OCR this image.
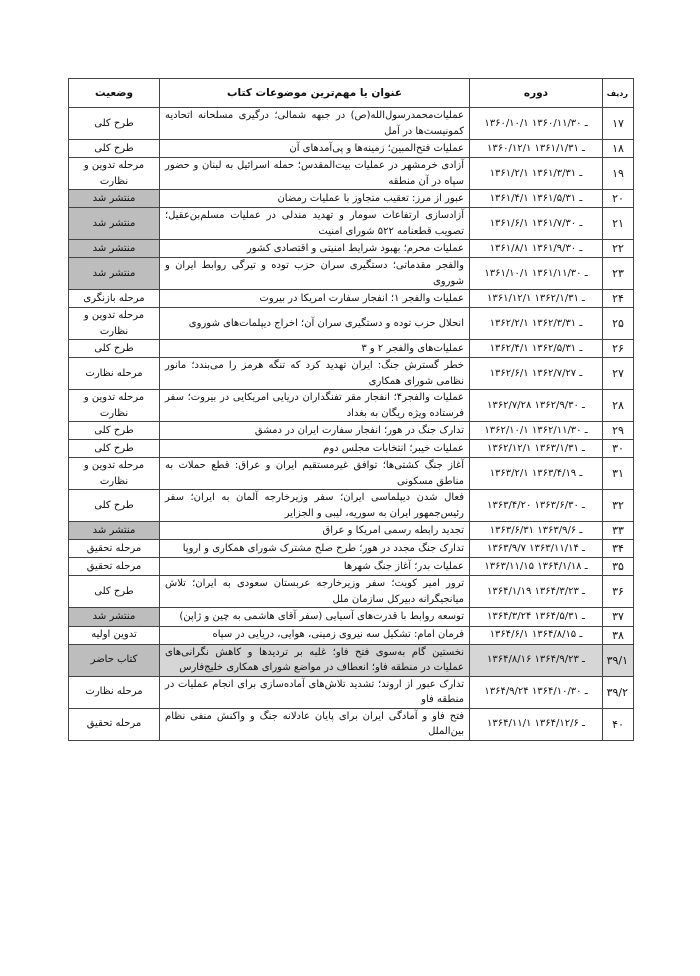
ردیف	دوره	عنوان یا مهم‌ترین موضوعات کتاب	وضعیت
۱۷	۱۳۶۰/۱۰/۱ ـ ۱۳۶۰/۱۱/۳۰	عملیات‌محمدرسول‌الله‌(ص) در جبهه شمالی؛ درگیری مسلحانه اتحادیه کمونیست‌ها در آمل	طرح کلی
۱۸	۱۳۶۰/۱۲/۱ ـ ۱۳۶۱/۱/۳۱	عملیات فتح‌المبین؛ زمینه‌ها و پی‌آمدهای آن	طرح کلی
۱۹	۱۳۶۱/۲/۱ ـ ۱۳۶۱/۳/۳۱	آزادی خرمشهر در عملیات بیت‌المقدس؛ حمله اسرائیل به لبنان و حضور سپاه در آن منطقه	مرحله تدوین و نظارت
۲۰	۱۳۶۱/۴/۱ ـ ۱۳۶۱/۵/۳۱	عبور از مرز: تعقیب متجاوز با عملیات رمضان	منتشر شد
۲۱	۱۳۶۱/۶/۱ ـ ۱۳۶۱/۷/۳۰	آزادسازی ارتفاعات سومار و تهدید مندلی در عملیات مسلم‌بن‌عقیل؛ تصویب قطعنامه ۵۲۲ شورای امنیت	منتشر شد
۲۲	۱۳۶۱/۸/۱ ـ ۱۳۶۱/۹/۳۰	عملیات محرم؛ بهبود شرایط امنیتی و اقتصادی کشور	منتشر شد
۲۳	۱۳۶۱/۱۰/۱ ـ ۱۳۶۱/۱۱/۳۰	والفجر مقدماتی؛ دستگیری سران حزب توده و تیرگی روابط ایران و شوروی	منتشر شد
۲۴	۱۳۶۱/۱۲/۱ ـ ۱۳۶۲/۱/۳۱	عملیات والفجر ۱؛ انفجار سفارت امریکا در بیروت	مرحله بازنگری
۲۵	۱۳۶۲/۲/۱ ـ ۱۳۶۲/۳/۳۱	انحلال حزب توده و دستگیری سران آن؛ اخراج دیپلمات‌های شوروی	مرحله تدوین و نظارت
۲۶	۱۳۶۲/۴/۱ ـ ۱۳۶۲/۵/۳۱	عملیات‌های والفجر ۲ و ۳	طرح کلی
۲۷	۱۳۶۲/۶/۱ ـ ۱۳۶۲/۷/۲۷	خطر گسترش جنگ: ایران تهدید کرد که تنگه هرمز را می‌بندد؛ مانور نظامی شورای همکاری	مرحله نظارت
۲۸	۱۳۶۲/۷/۲۸ ـ ۱۳۶۲/۹/۳۰	عملیات والفجر۴؛ انفجار مقر تفنگداران دریایی امریکایی در بیروت؛ سفر فرستاده ویژه ریگان به بغداد	مرحله تدوین و نظارت
۲۹	۱۳۶۲/۱۰/۱ ـ ۱۳۶۲/۱۱/۳۰	تدارک جنگ در هور؛ انفجار سفارت ایران در دمشق	طرح کلی
۳۰	۱۳۶۲/۱۲/۱ ـ ۱۳۶۳/۱/۳۱	عملیات خیبر؛ انتخابات مجلس دوم	طرح کلی
۳۱	۱۳۶۳/۲/۱ ـ ۱۳۶۳/۴/۱۹	آغاز جنگ کشتی‌ها؛ توافق غیرمستقیم ایران و عراق: قطع حملات به مناطق مسکونی	مرحله تدوین و نظارت
۳۲	۱۳۶۳/۴/۲۰ ـ ۱۳۶۳/۶/۳۰	فعال شدن دیپلماسی ایران؛ سفر وزیرخارجه آلمان به ایران؛ سفر رئیس‌جمهور ایران به سوریه، لیبی و الجزایر	طرح کلی
۳۳	۱۳۶۳/۶/۳۱ ـ ۱۳۶۳/۹/۶	تجدید رابطه رسمی امریکا و عراق	منتشر شد
۳۴	۱۳۶۳/۹/۷ ـ ۱۳۶۳/۱۱/۱۴	تدارک جنگ مجدد در هور؛ طرح صلح مشترک شورای همکاری و اروپا	مرحله تحقیق
۳۵	۱۳۶۳/۱۱/۱۵ ـ ۱۳۶۴/۱/۱۸	عملیات بدر؛ آغاز جنگ شهرها	مرحله تحقیق
۳۶	۱۳۶۴/۱/۱۹ ـ ۱۳۶۴/۳/۲۳	ترور امیر کویت؛ سفر وزیرخارجه عربستان سعودی به ایران؛ تلاش میانجیگرانه دبیرکل سازمان ملل	طرح کلی
۳۷	۱۳۶۴/۳/۲۴ ـ ۱۳۶۴/۵/۳۱	توسعه روابط با قدرت‌های آسیایی (سفر آقای هاشمی به چین و ژاپن)	منتشر شد
۳۸	۱۳۶۴/۶/۱ ـ ۱۳۶۴/۸/۱۵	فرمان امام: تشکیل سه نیروی زمینی، هوایی، دریایی در سپاه	تدوین اولیه
۳۹/۱	۱۳۶۴/۸/۱۶ ـ ۱۳۶۴/۹/۲۳	نخستین گام به‌سوی فتح فاو؛ غلبه بر تردیدها و کاهش نگرانی‌های عملیات در منطقه فاو؛ انعطاف در مواضع شورای همکاری خلیج‌فارس	کتاب حاضر
۳۹/۲	۱۳۶۴/۹/۲۴ ـ ۱۳۶۴/۱۰/۳۰	تدارک عبور از اروند؛ تشدید تلاش‌های آماده‌سازی برای انجام عملیات در منطقه فاو	مرحله نظارت
۴۰	۱۳۶۴/۱۱/۱ ـ ۱۳۶۴/۱۲/۶	فتح فاو و آمادگی ایران برای پایان عادلانه جنگ و واکنش منفی نظام بین‌الملل	مرحله تحقیق
